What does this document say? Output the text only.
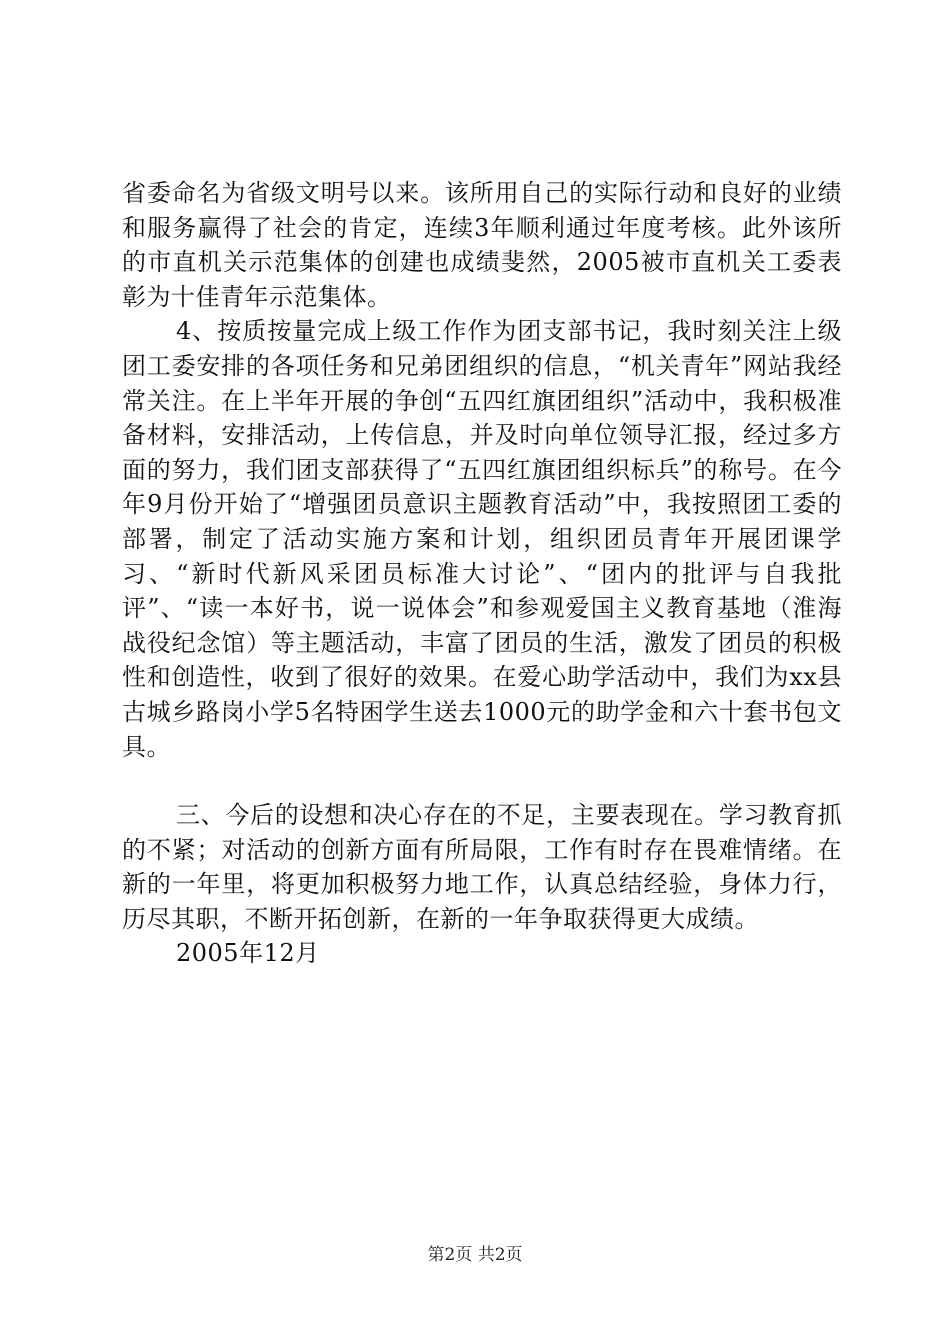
省委命名为省级文明号以来。该所用自己的实际行动和良好的业绩和服务赢得了社会的肯定，连续3年顺利通过年度考核。此外该所的市直机关示范集体的创建也成绩斐然，2005被市直机关工委表彰为十佳青年示范集体。

4、按质按量完成上级工作作为团支部书记，我时刻关注上级团工委安排的各项任务和兄弟团组织的信息，“机关青年”网站我经常关注。在上半年开展的争创“五四红旗团组织”活动中，我积极准备材料，安排活动，上传信息，并及时向单位领导汇报，经过多方面的努力，我们团支部获得了“五四红旗团组织标兵”的称号。在今年9月份开始了“增强团员意识主题教育活动”中，我按照团工委的部署，制定了活动实施方案和计划，组织团员青年开展团课学习、“新时代新风采团员标准大讨论”、“团内的批评与自我批评”、“读一本好书，说一说体会”和参观爱国主义教育基地（淮海战役纪念馆）等主题活动，丰富了团员的生活，激发了团员的积极性和创造性，收到了很好的效果。在爱心助学活动中，我们为xx县古城乡路岗小学5名特困学生送去1000元的助学金和六十套书包文具。

三、今后的设想和决心存在的不足，主要表现在。学习教育抓的不紧；对活动的创新方面有所局限，工作有时存在畏难情绪。在新的一年里，将更加积极努力地工作，认真总结经验，身体力行，历尽其职，不断开拓创新，在新的一年争取获得更大成绩。

2005年12月

第2页 共2页
